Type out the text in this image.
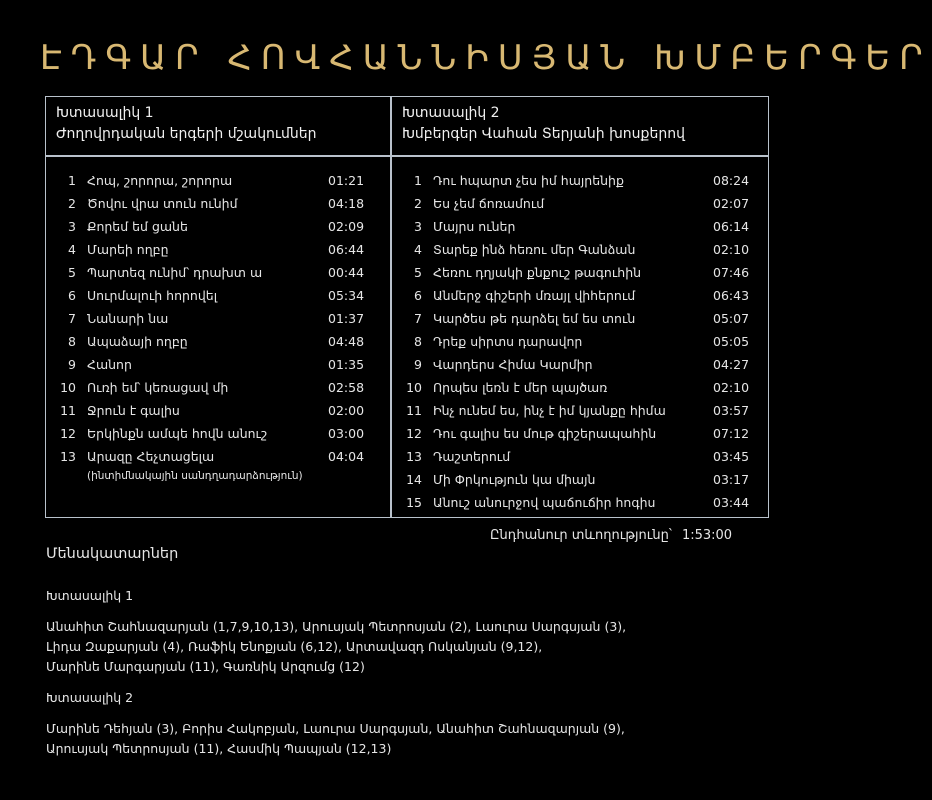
ԷԴԳԱՐ ՀՈՎՀԱՆՆԻՍՅԱՆ ԽՄԲԵՐԳԵՐ
Խտասալիկ 1
Ժողովրդական երգերի մշակումներ
Խտասալիկ 2
Խմբերգեր Վահան Տերյանի խոսքերով
1 Հոպ, շորորա, շորորա	01:21
2 Ծովու վրա տուն ունիմ	04:18
3 Քորեմ եմ ցանե	02:09
4 Մարեի ողբը	06:44
5 Պարտեզ ունիմ՝ դրախտ ա	00:44
6 Սուրմալուի հորովել	05:34
7 Նանարի նա	01:37
8 Ապաձայի ողբը	04:48
9 Հանոր	01:35
10 Ուռի եմ՝ կեռացավ մի	02:58
11 Ջրուն է գալիս	02:00
12 Երկինքն ամպե հովն անուշ	03:00
13 Արազը Հեչտացելա	04:04
(ինտիմնակային սանդղադարձություն)
1 Դու հպարտ չես իմ հայրենիք	08:24
2 Ես չեմ ճոռամում	02:07
3 Մայրս ուներ	06:14
4 Տարեք ինձ հեռու մեր Գանձան	02:10
5 Հեռու դղյակի քնքուշ թագուհին	07:46
6 Անմերջ գիշերի մռայլ վիհերում	06:43
7 Կարծես թե դարձել եմ ես տուն	05:07
8 Դրեք սիրտս դարավոր	05:05
9 Վարդերս Հիմա Կարմիր	04:27
10 Որպես լեռն է մեր պայծառ	02:10
11 Ինչ ունեմ ես, ինչ է իմ կյանքը հիմա	03:57
12 Դու գալիս ես մութ գիշերապահին	07:12
13 Դաշտերում	03:45
14 Մի Փրկություն կա միայն	03:17
15 Անուշ անուրջով պաճուճիր հոգիս	03:44
Ընդհանուր տևողությունը՝ 1:53:00
Մենակատարներ
Խտասալիկ 1
Անահիտ Շահնազարյան (1,7,9,10,13), Արուսյակ Պետրոսյան (2), Լաուրա Սարգսյան (3),
Լիդա Զաքարյան (4), Ռաֆիկ Ենոքյան (6,12), Արտավազդ Ոսկանյան (9,12),
Մարինե Մարգարյան (11), Գառնիկ Արզումց (12)
Խտասալիկ 2
Մարինե Դեհյան (3), Բորիս Հակոբյան, Լաուրա Սարգսյան, Անահիտ Շահնազարյան (9),
Արուսյակ Պետրոսյան (11), Հասմիկ Պապյան (12,13)
